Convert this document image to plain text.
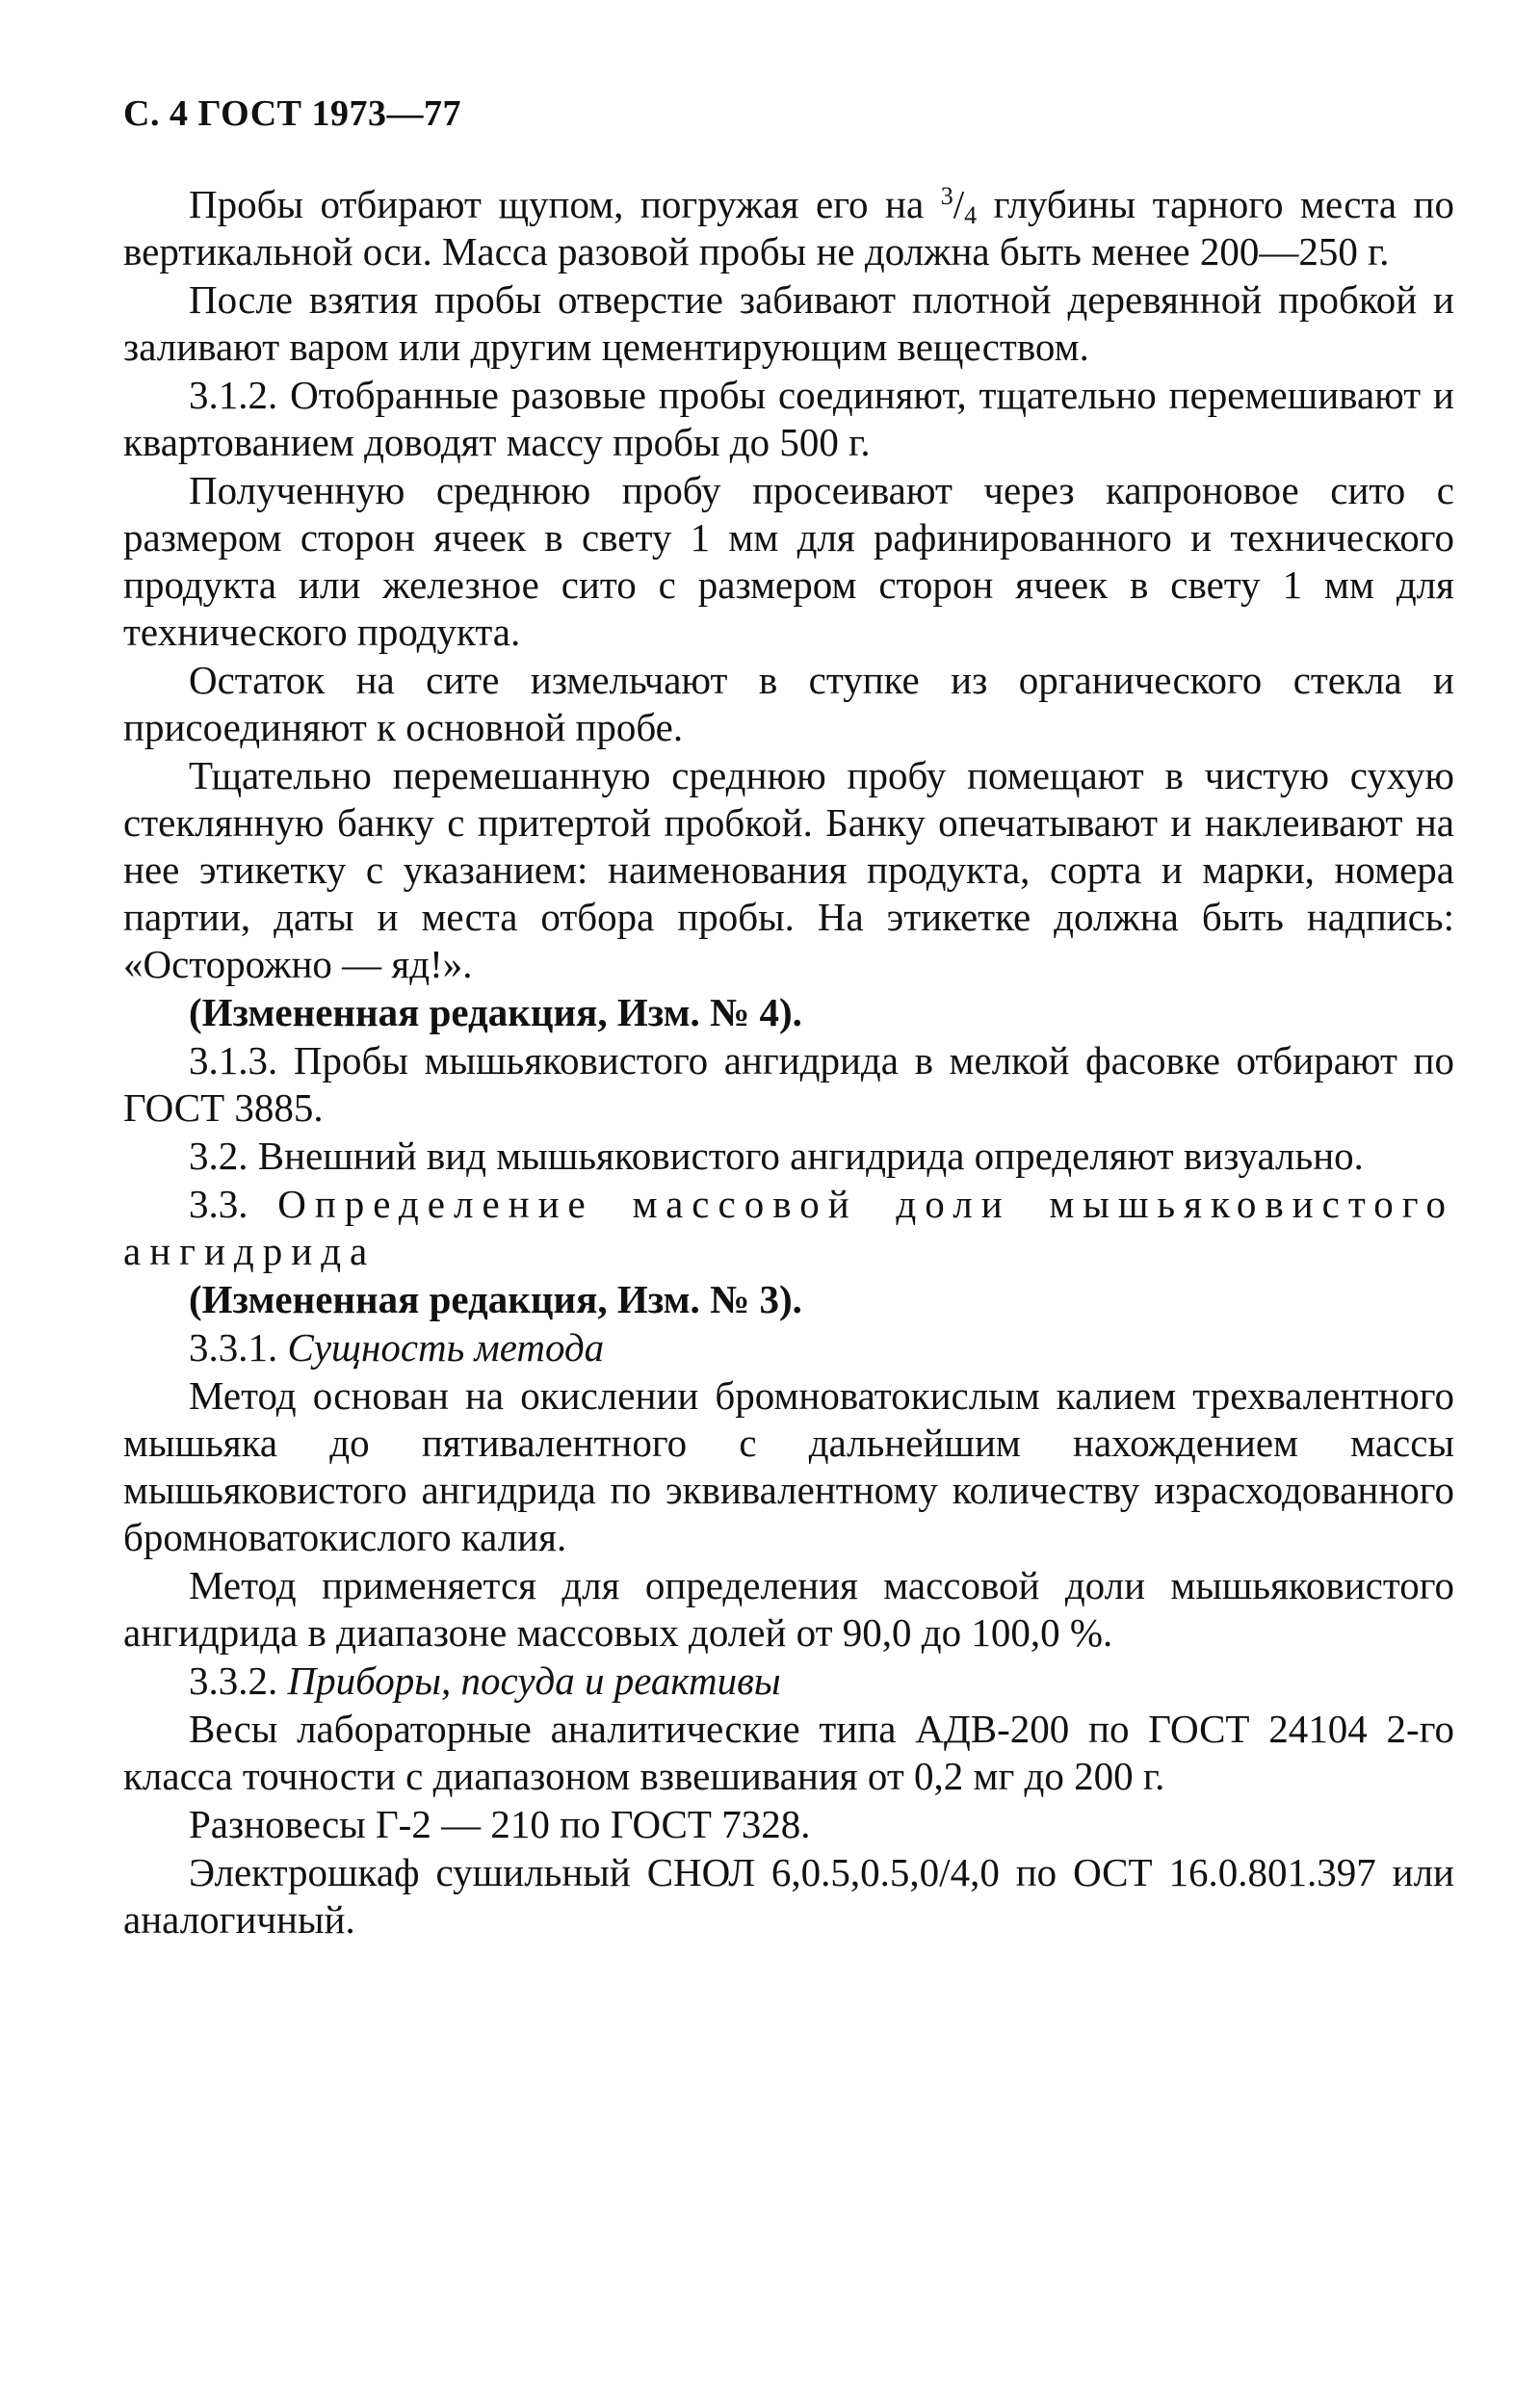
С. 4 ГОСТ 1973—77

Пробы отбирают щупом, погружая его на $^3/_4$ глубины тарного места по вертикальной оси. Масса разовой пробы не должна быть менее 200—250 г.

После взятия пробы отверстие забивают плотной деревянной пробкой и заливают варом или другим цементирующим веществом.

3.1.2. Отобранные разовые пробы соединяют, тщательно перемешивают и квартованием доводят массу пробы до 500 г.

Полученную среднюю пробу просеивают через капроновое сито с размером сторон ячеек в свету 1 мм для рафинированного и технического продукта или железное сито с размером сторон ячеек в свету 1 мм для технического продукта.

Остаток на сите измельчают в ступке из органического стекла и присоединяют к основной пробе.

Тщательно перемешанную среднюю пробу помещают в чистую сухую стеклянную банку с притертой пробкой. Банку опечатывают и наклеивают на нее этикетку с указанием: наименования продукта, сорта и марки, номера партии, даты и места отбора пробы. На этикетке должна быть надпись: «Осторожно — яд!».

(Измененная редакция, Изм. № 4).

3.1.3. Пробы мышьяковистого ангидрида в мелкой фасовке отбирают по ГОСТ 3885.

3.2. Внешний вид мышьяковистого ангидрида определяют визуально.

3.3. Определение массовой доли мышьяковистого ангидрида

(Измененная редакция, Изм. № 3).

3.3.1. Сущность метода

Метод основан на окислении бромноватокислым калием трехвалентного мышьяка до пятивалентного с дальнейшим нахождением массы мышьяковистого ангидрида по эквивалентному количеству израсходованного бромноватокислого калия.

Метод применяется для определения массовой доли мышьяковистого ангидрида в диапазоне массовых долей от 90,0 до 100,0 %.

3.3.2. Приборы, посуда и реактивы

Весы лабораторные аналитические типа АДВ-200 по ГОСТ 24104 2-го класса точности с диапазоном взвешивания от 0,2 мг до 200 г.

Разновесы Г-2 — 210 по ГОСТ 7328.

Электрошкаф сушильный СНОЛ 6,0.5,0.5,0/4,0 по ОСТ 16.0.801.397 или аналогичный.
